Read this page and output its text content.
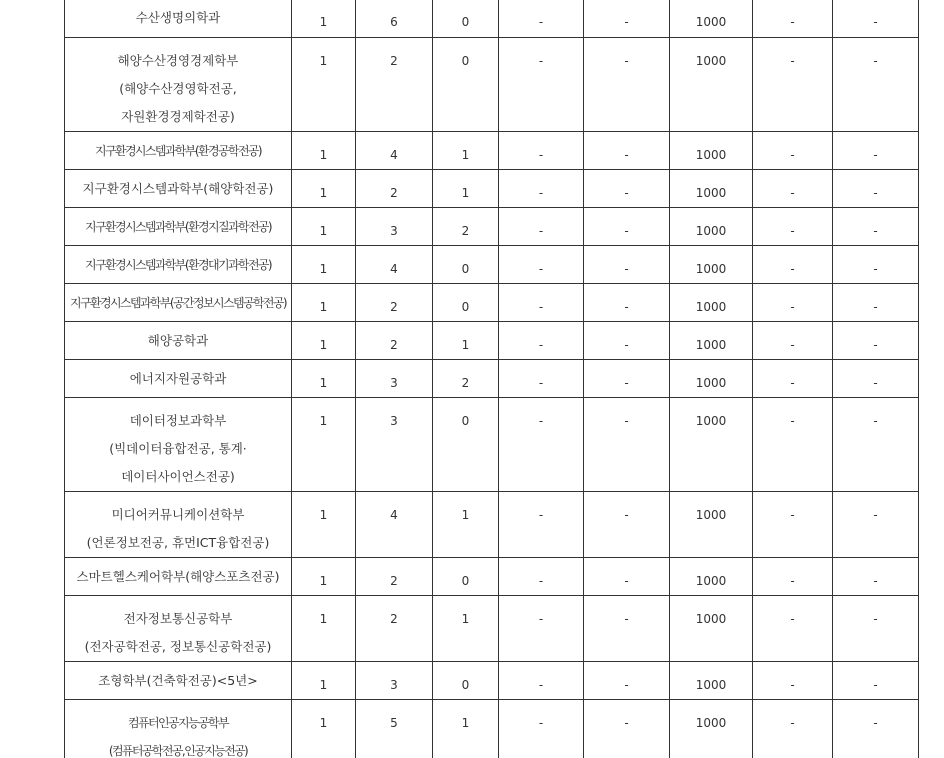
수산생명의학과	1	6	0	-	-	1000	-	-

해양수산경영경제학부
(해양수산경영학전공,
자원환경경제학전공)	1	2	0	-	-	1000	-	-

지구환경시스템과학부(환경공학전공)	1	4	1	-	-	1000	-	-

지구환경시스템과학부(해양학전공)	1	2	1	-	-	1000	-	-

지구환경시스템과학부(환경지질과학전공)	1	3	2	-	-	1000	-	-

지구환경시스템과학부(환경대기과학전공)	1	4	0	-	-	1000	-	-

지구환경시스템과학부(공간정보시스템공학전공)	1	2	0	-	-	1000	-	-

해양공학과	1	2	1	-	-	1000	-	-

에너지자원공학과	1	3	2	-	-	1000	-	-

데이터정보과학부
(빅데이터융합전공, 통계·
데이터사이언스전공)	1	3	0	-	-	1000	-	-

미디어커뮤니케이션학부
(언론정보전공, 휴먼ICT융합전공)	1	4	1	-	-	1000	-	-

스마트헬스케어학부(해양스포츠전공)	1	2	0	-	-	1000	-	-

전자정보통신공학부
(전자공학전공, 정보통신공학전공)	1	2	1	-	-	1000	-	-

조형학부(건축학전공)<5년>	1	3	0	-	-	1000	-	-

컴퓨터인공지능공학부
(컴퓨터공학전공,인공지능전공)	1	5	1	-	-	1000	-	-
